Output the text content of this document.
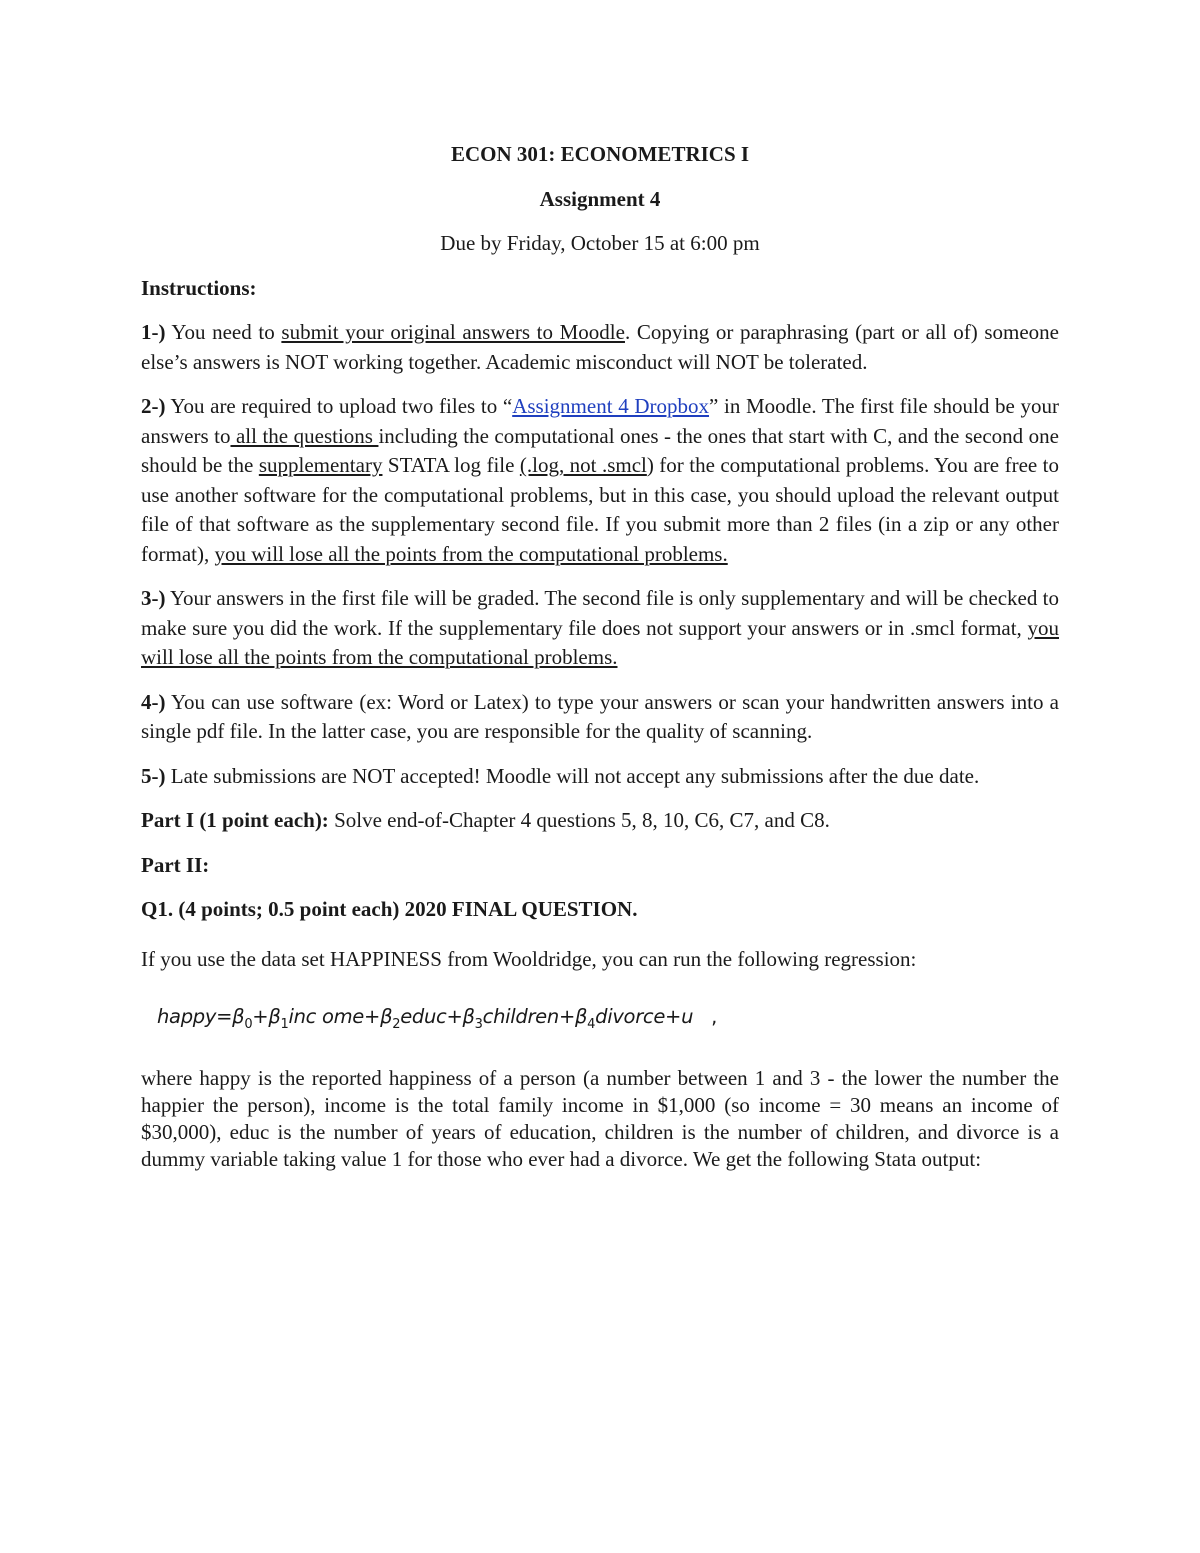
ECON 301: ECONOMETRICS I
Assignment 4
Due by Friday, October 15 at 6:00 pm
Instructions:

1-) You need to submit your original answers to Moodle. Copying or paraphrasing (part or all of) someone else’s answers is NOT working together. Academic misconduct will NOT be tolerated.

2-) You are required to upload two files to “Assignment 4 Dropbox” in Moodle. The first file should be your answers to all the questions including the computational ones - the ones that start with C, and the second one should be the supplementary STATA log file (.log, not .smcl) for the computational problems. You are free to use another software for the computational problems, but in this case, you should upload the relevant output file of that software as the supplementary second file. If you submit more than 2 files (in a zip or any other format), you will lose all the points from the computational problems.

3-) Your answers in the first file will be graded. The second file is only supplementary and will be checked to make sure you did the work. If the supplementary file does not support your answers or in .smcl format, you will lose all the points from the computational problems.

4-) You can use software (ex: Word or Latex) to type your answers or scan your handwritten answers into a single pdf file. In the latter case, you are responsible for the quality of scanning.

5-) Late submissions are NOT accepted! Moodle will not accept any submissions after the due date.

Part I (1 point each): Solve end-of-Chapter 4 questions 5, 8, 10, C6, C7, and C8.

Part II:

Q1. (4 points; 0.5 point each) 2020 FINAL QUESTION.

If you use the data set HAPPINESS from Wooldridge, you can run the following regression:

$happy=\beta_0+\beta_1inc$ $ome+\beta_2educ+\beta_3children+\beta_4divorce+u$ ,

where happy is the reported happiness of a person (a number between 1 and 3 - the lower the number the happier the person), income is the total family income in $1,000 (so income = 30 means an income of $30,000), educ is the number of years of education, children is the number of children, and divorce is a dummy variable taking value 1 for those who ever had a divorce. We get the following Stata output:
